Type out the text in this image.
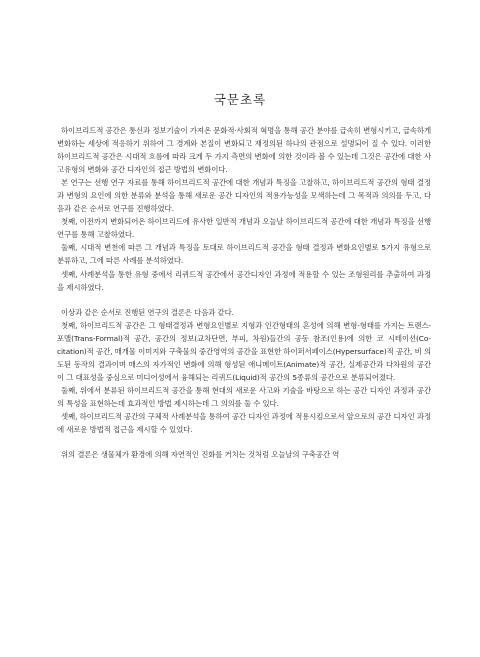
국문초록

하이브리드적 공간은 통신과 정보기술이 가져온 문화적·사회적 혁명을 통해 공간 분야를 급속히 변형시키고, 급속하게 변화하는 세상에 적응하기 위하여 그 경계와 본질이 변화되고 재정의된 하나의 관점으로 설명되어 질 수 있다. 이러한 하이브리드적 공간은 시대적 흐름에 따라 크게 두 가지 측면의 변화에 의한 것이라 볼 수 있는데 그것은 공간에 대한 사고유형의 변화와 공간 디자인의 접근 방법의 변화이다.

본 연구는 선행 연구 자료를 통해 하이브리드적 공간에 대한 개념과 특징을 고찰하고, 하이브리드적 공간의 형태 결정과 변형의 요인에 의한 분류와 분석을 통해 새로운 공간 디자인의 적용가능성을 모색하는데 그 목적과 의의를 두고, 다음과 같은 순서로 연구를 진행하였다.

첫째, 이전까지 변화되어온 하이브리드에 유사한 일반적 개념과 오늘날 하이브리드적 공간에 대한 개념과 특징을 선행연구를 통해 고찰하였다.

둘째, 시대적 변천에 따른 그 개념과 특징을 토대로 하이브리드적 공간을 형태 결정과 변화요인별로 5가지 유형으로 분류하고, 그에 따른 사례를 분석하였다.

셋째, 사례분석을 통한 유형 중에서 리퀴드적 공간에서 공간디자인 과정에 적용할 수 있는 조형원리를 추출하여 과정을 제시하였다.

이상과 같은 순서로 진행된 연구의 결론은 다음과 같다.

첫째, 하이브리드적 공간은 그 형태결정과 변형요인별로 지형과 인간형태의 흔성에 의해 변형-형태를 가지는 트랜스-포맬(Trans-Formal)적 공간, 공간의 정보(교차단면, 부피, 차원)들간의 공동 참조(인용)에 의한 코 시테이션(Co-citation)적 공간, 매개물 이미지와 구축물의 중간영역의 공간을 표현한 하이퍼서페이스(Hypersurface)적 공간, 비 의도된 동작의 결과이며 매스의 자가적인 변화에 의해 형성된 애니메이트(Animate)적 공간, 실제공간과 다차원의 공간이 그 대표성을 중심으로 미디어성에서 융해되는 리퀴드(Liquid)적 공간의 5종류의 공간으로 분류되어졌다.

둘째, 위에서 분류된 하이브리드적 공간을 통해 현대의 새로운 사고와 기술을 바탕으로 하는 공간 디자인 과정과 공간의 특성을 표현하는데 효과적인 방법 제시하는데 그 의의를 둘 수 있다.

셋째, 하이브리드적 공간의 구체적 사례분석을 통하여 공간 디자인 과정에 적용시킴으로서 앞으로의 공간 디자인 과정에 새로운 방법적 접근을 제시할 수 있었다.

위의 결론은 생물체가 환경에 의해 자연적인 진화를 거치는 것처럼 오늘날의 구축공간 역
